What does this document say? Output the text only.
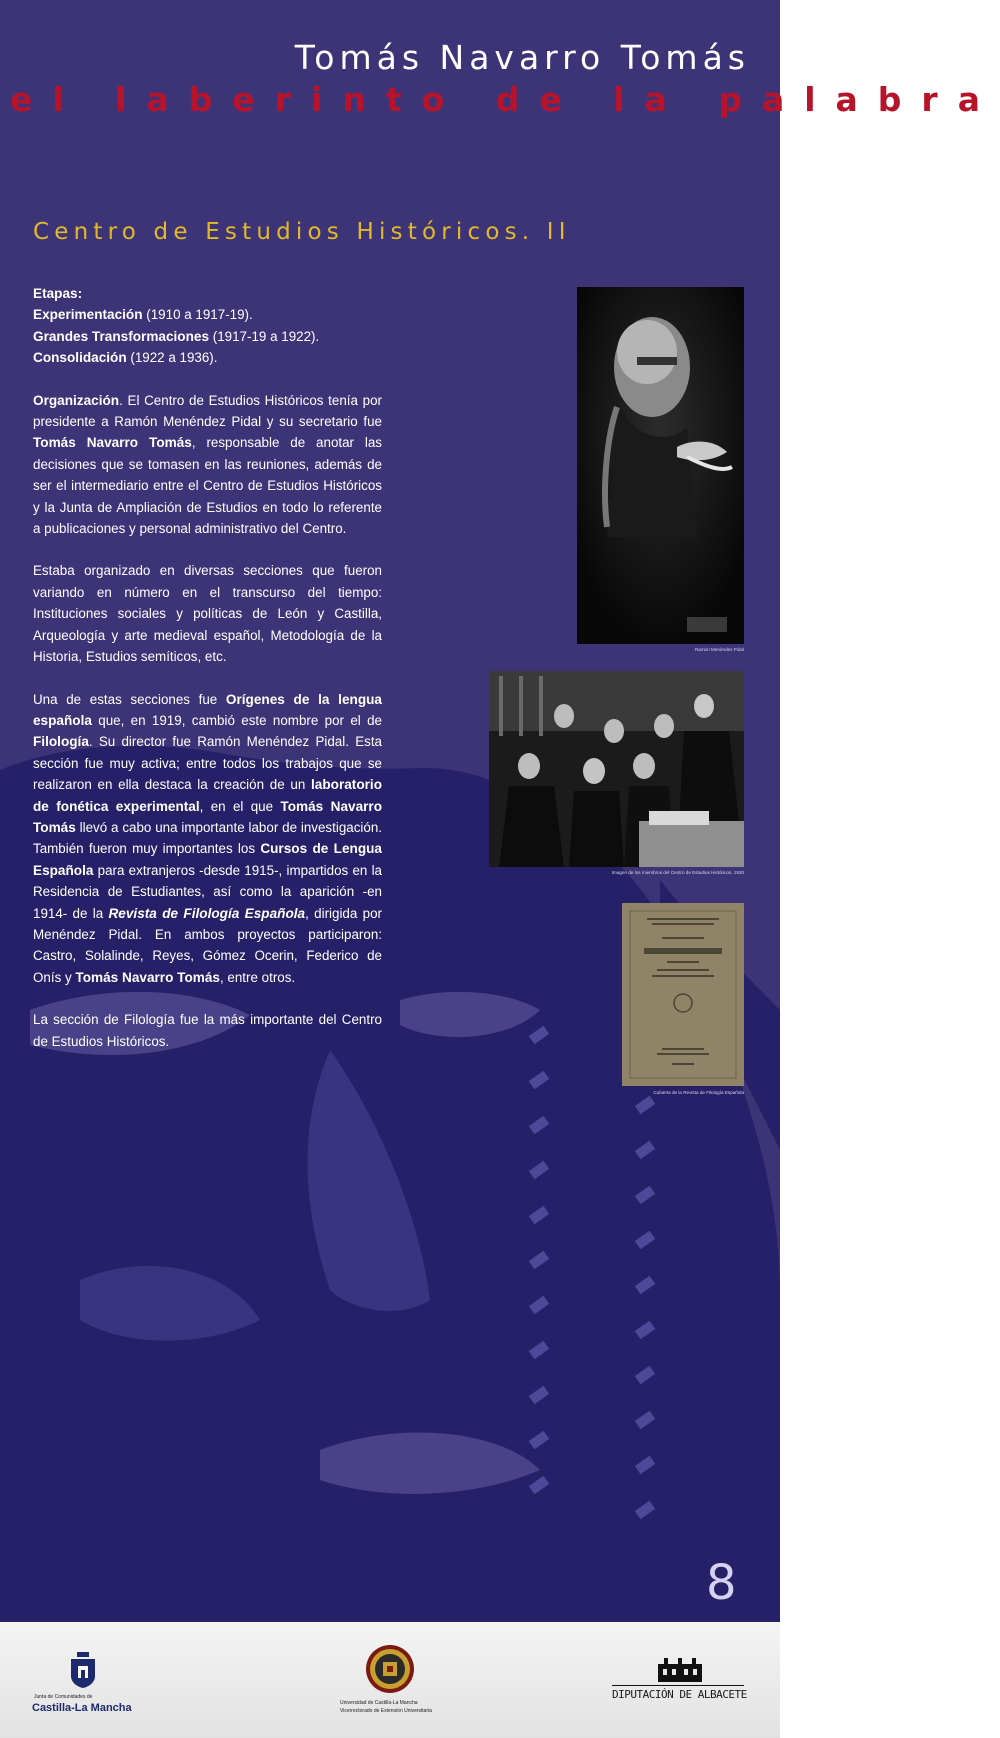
Tomás Navarro Tomás
el laberinto de la palabra
Centro de Estudios Históricos. II

Etapas:
Experimentación (1910 a 1917-19).
Grandes Transformaciones (1917-19 a 1922).
Consolidación (1922 a 1936).

Organización. El Centro de Estudios Históricos tenía por presidente a Ramón Menéndez Pidal y su secretario fue Tomás Navarro Tomás, responsable de anotar las decisiones que se tomasen en las reuniones, además de ser el intermediario entre el Centro de Estudios Históricos y la Junta de Ampliación de Estudios en todo lo referente a publicaciones y personal administrativo del Centro.

Estaba organizado en diversas secciones que fueron variando en número en el transcurso del tiempo: Instituciones sociales y políticas de León y Castilla, Arqueología y arte medieval español, Metodología de la Historia, Estudios semíticos, etc.

Una de estas secciones fue Orígenes de la lengua española que, en 1919, cambió este nombre por el de Filología. Su director fue Ramón Menéndez Pidal. Esta sección fue muy activa; entre todos los trabajos que se realizaron en ella destaca la creación de un laboratorio de fonética experimental, en el que Tomás Navarro Tomás llevó a cabo una importante labor de investigación. También fueron muy importantes los Cursos de Lengua Española para extranjeros -desde 1915-, impartidos en la Residencia de Estudiantes, así como la aparición -en 1914- de la Revista de Filología Española, dirigida por Menéndez Pidal. En ambos proyectos participaron: Castro, Solalinde, Reyes, Gómez Ocerin, Federico de Onís y Tomás Navarro Tomás, entre otros.

La sección de Filología fue la más importante del Centro de Estudios Históricos.

Ramón Menéndez Pidal
Imagen de los miembros del Centro de Estudios Históricos, 1930
Cubierta de la Revista de Filología Española
8
Junta de Comunidades de
Castilla-La Mancha	Universidad de Castilla-La Mancha
Vicerrectorado de Extensión Universitaria
DIPUTACIÓN DE ALBACETE
